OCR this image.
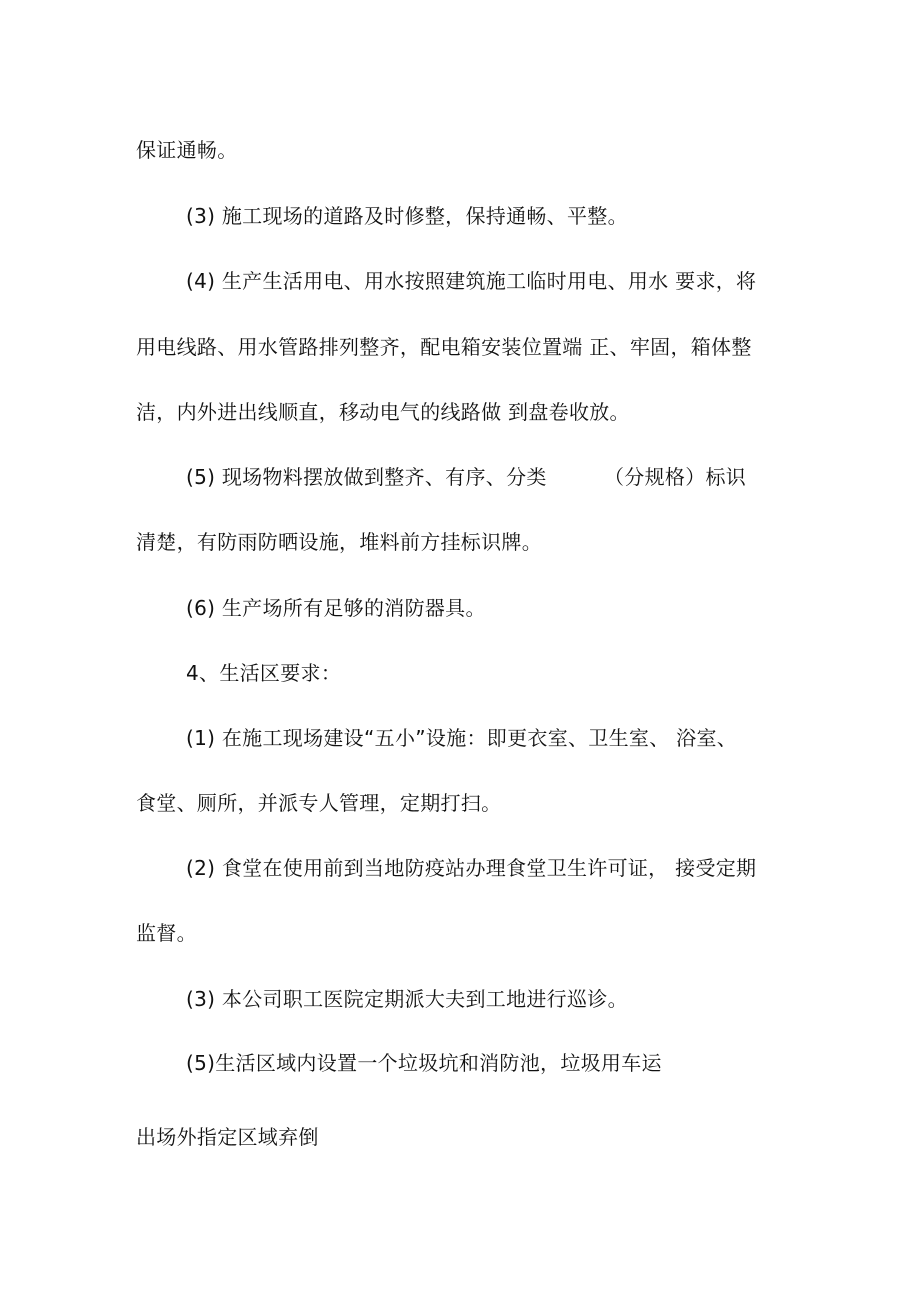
保证通畅。
(3) 施工现场的道路及时修整，保持通畅、平整。
(4) 生产生活用电、用水按照建筑施工临时用电、用水 要求，将
用电线路、用水管路排列整齐，配电箱安装位置端 正、牢固，箱体整
洁，内外进出线顺直，移动电气的线路做 到盘卷收放。
(5) 现场物料摆放做到整齐、有序、分类	（分规格）标识
清楚，有防雨防晒设施，堆料前方挂标识牌。
(6) 生产场所有足够的消防器具。
4、生活区要求：
(1) 在施工现场建设“五小”设施：即更衣室、卫生室、 浴室、
食堂、厕所，并派专人管理，定期打扫。
(2) 食堂在使用前到当地防疫站办理食堂卫生许可证， 接受定期
监督。
(3) 本公司职工医院定期派大夫到工地进行巡诊。
(5)生活区域内设置一个垃圾坑和消防池，垃圾用车运
出场外指定区域弃倒
